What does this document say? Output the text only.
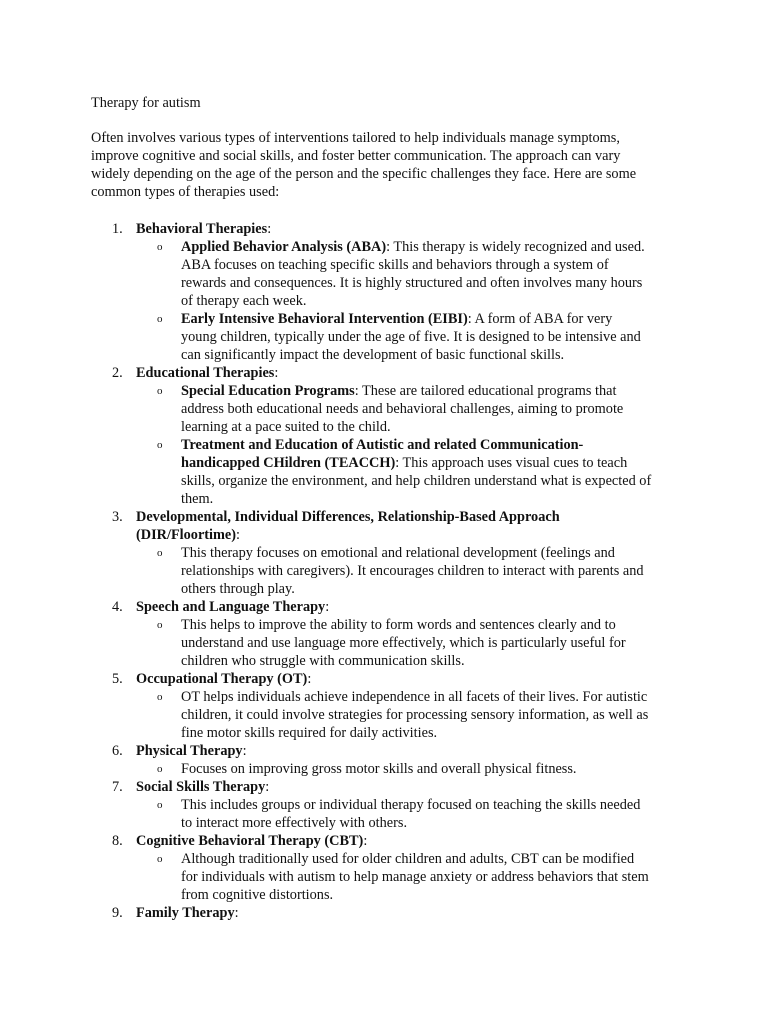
Therapy for autism
Often involves various types of interventions tailored to help individuals manage symptoms,
improve cognitive and social skills, and foster better communication. The approach can vary
widely depending on the age of the person and the specific challenges they face. Here are some
common types of therapies used:
1. Behavioral Therapies:
o Applied Behavior Analysis (ABA): This therapy is widely recognized and used.
ABA focuses on teaching specific skills and behaviors through a system of
rewards and consequences. It is highly structured and often involves many hours
of therapy each week.
o Early Intensive Behavioral Intervention (EIBI): A form of ABA for very
young children, typically under the age of five. It is designed to be intensive and
can significantly impact the development of basic functional skills.
2. Educational Therapies:
o Special Education Programs: These are tailored educational programs that
address both educational needs and behavioral challenges, aiming to promote
learning at a pace suited to the child.
o Treatment and Education of Autistic and related Communication-
handicapped CHildren (TEACCH): This approach uses visual cues to teach
skills, organize the environment, and help children understand what is expected of
them.
3. Developmental, Individual Differences, Relationship-Based Approach
(DIR/Floortime):
o This therapy focuses on emotional and relational development (feelings and
relationships with caregivers). It encourages children to interact with parents and
others through play.
4. Speech and Language Therapy:
o This helps to improve the ability to form words and sentences clearly and to
understand and use language more effectively, which is particularly useful for
children who struggle with communication skills.
5. Occupational Therapy (OT):
o OT helps individuals achieve independence in all facets of their lives. For autistic
children, it could involve strategies for processing sensory information, as well as
fine motor skills required for daily activities.
6. Physical Therapy:
o Focuses on improving gross motor skills and overall physical fitness.
7. Social Skills Therapy:
o This includes groups or individual therapy focused on teaching the skills needed
to interact more effectively with others.
8. Cognitive Behavioral Therapy (CBT):
o Although traditionally used for older children and adults, CBT can be modified
for individuals with autism to help manage anxiety or address behaviors that stem
from cognitive distortions.
9. Family Therapy:
